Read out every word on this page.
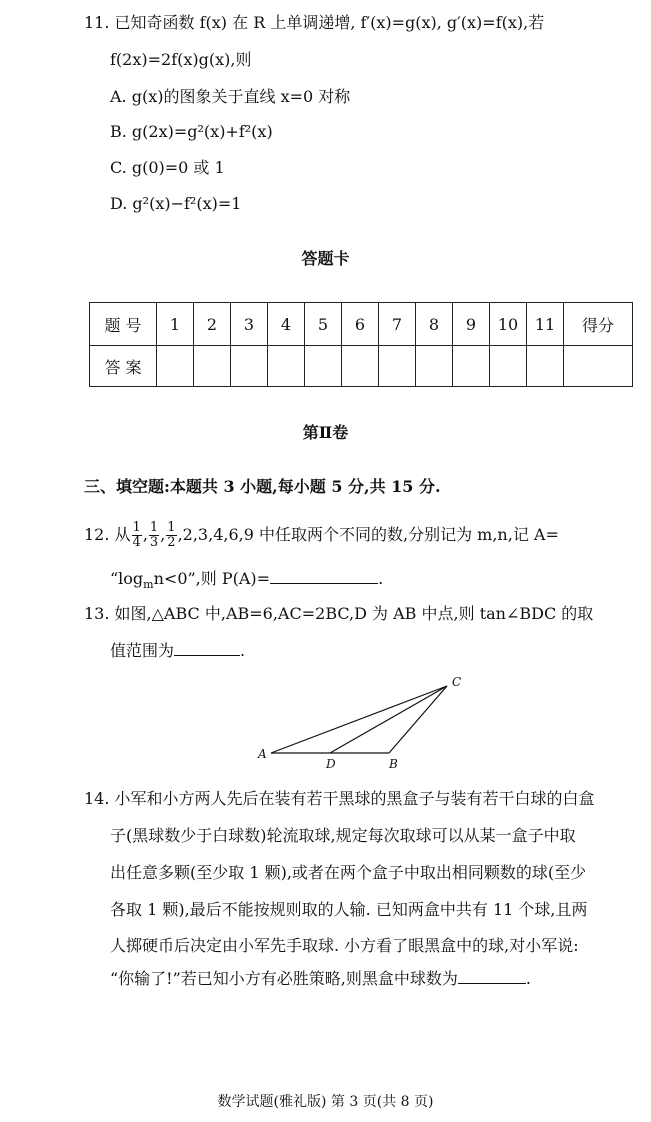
11. 已知奇函数 f(x) 在 R 上单调递增, f′(x)=g(x), g′(x)=f(x),若
f(2x)=2f(x)g(x),则
A. g(x)的图象关于直线 x=0 对称
B. g(2x)=g²(x)+f²(x)
C. g(0)=0 或 1
D. g²(x)−f²(x)=1
答题卡
题 号	1	2	3	4	5	6	7	8	9	10	11	得分
答 案												
第Ⅱ卷
三、填空题:本题共 3 小题,每小题 5 分,共 15 分.
12. 从 $\frac{1}{4}$ , $\frac{1}{3}$ , $\frac{1}{2} ,2,3,4,6,9$ 中任取两个不同的数,分别记为 m,n,记 A=
“$\log_mn<0$”,则 P(A)=	.
13. 如图,△ABC 中,AB=6,AC=2BC,D 为 AB 中点,则 tan∠BDC 的取
值范围为	.
A
D	B
C
14. 小军和小方两人先后在装有若干黑球的黑盒子与装有若干白球的白盒
子(黑球数少于白球数)轮流取球,规定每次取球可以从某一盒子中取
出任意多颗(至少取 1 颗),或者在两个盒子中取出相同颗数的球(至少
各取 1 颗),最后不能按规则取的人输. 已知两盒中共有 11 个球,且两
人掷硬币后决定由小军先手取球. 小方看了眼黑盒中的球,对小军说:
“你输了!”若已知小方有必胜策略,则黑盒中球数为	.
数学试题(雅礼版) 第 3 页(共 8 页)
